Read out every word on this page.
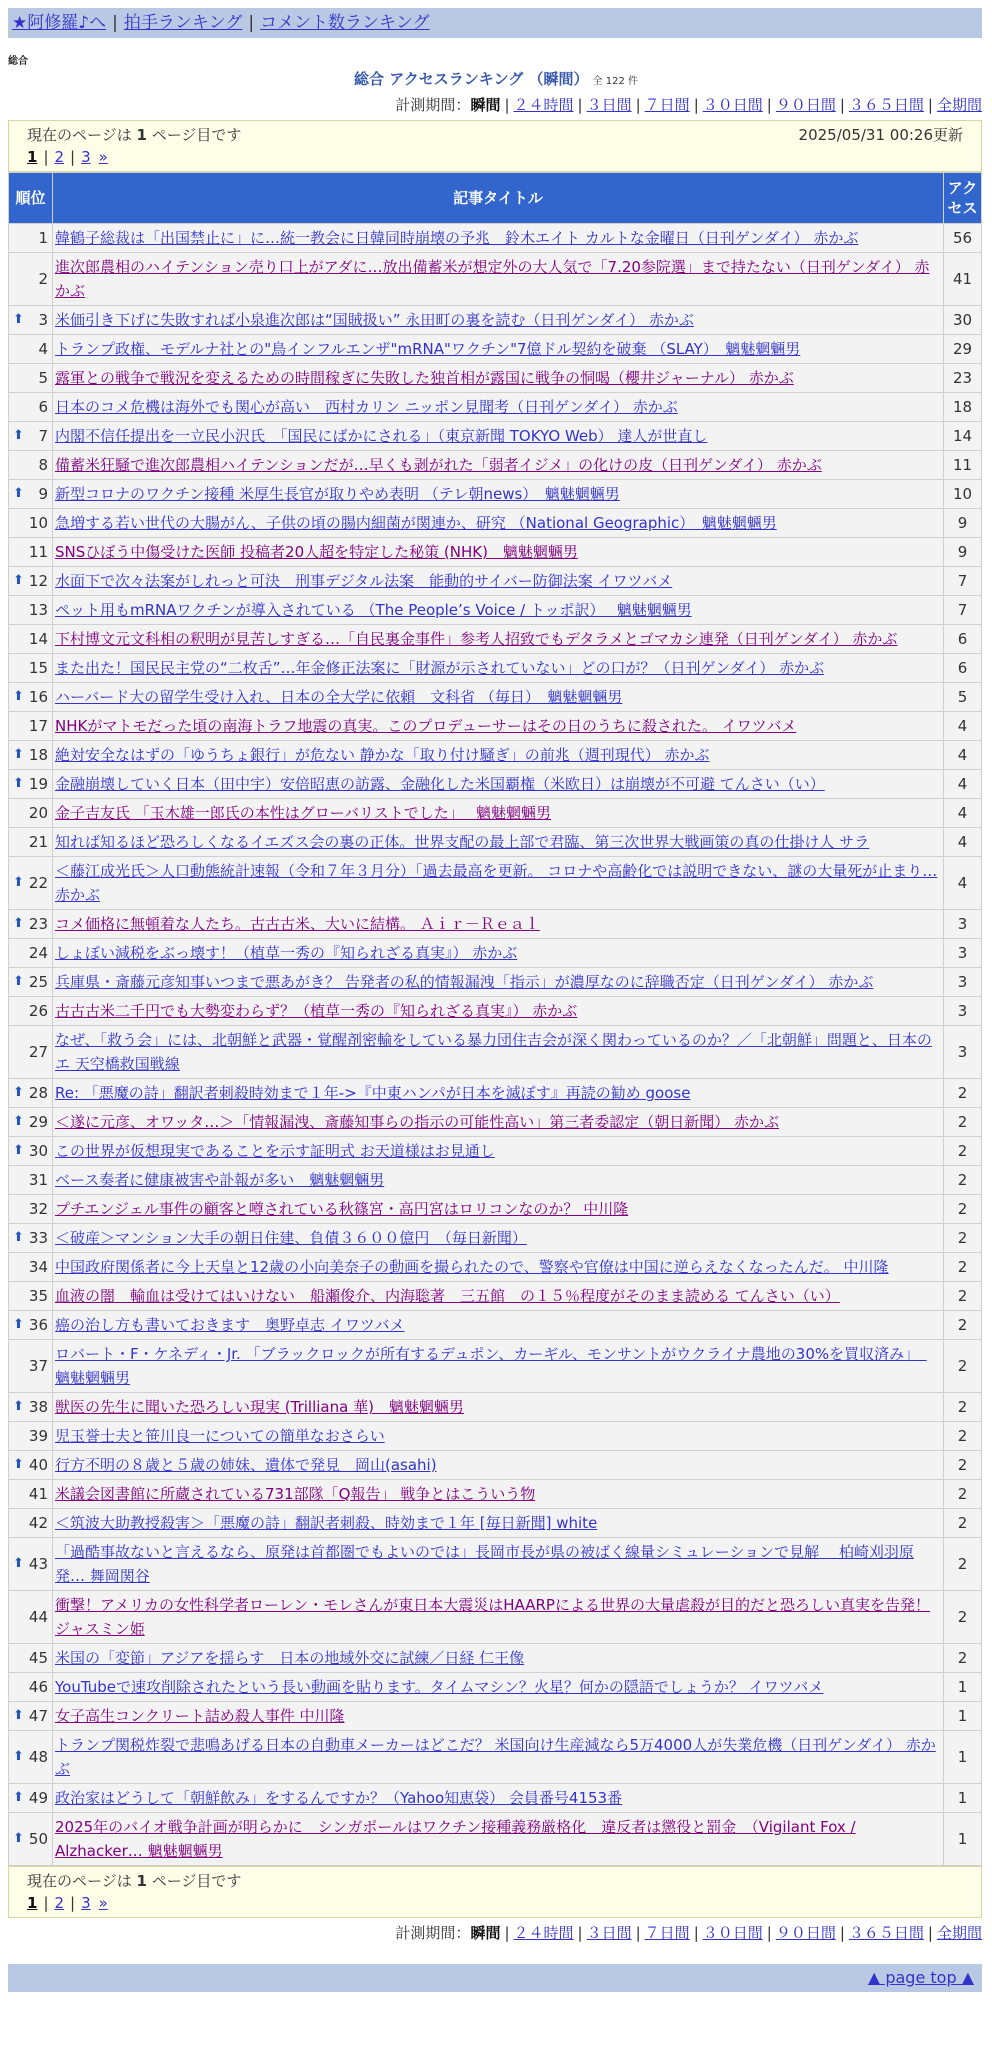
★阿修羅♪へ | 拍手ランキング | コメント数ランキング
総合
総合 アクセスランキング （瞬間） 全 122 件
計測期間：瞬間 | ２４時間 | ３日間 | ７日間 | ３０日間 | ９０日間 | ３６５日間 | 全期間
現在のページは 1 ページ目です	2025/05/31 00:26更新
1 | 2 | 3 »
順位	記事タイトル	アクセス
1	韓鶴子総裁は「出国禁止に」に…統一教会に日韓同時崩壊の予兆　鈴木エイト カルトな金曜日（日刊ゲンダイ） 赤かぶ	56
2	進次郎農相のハイテンション売り口上がアダに…放出備蓄米が想定外の大人気で「7.20参院選」まで持たない（日刊ゲンダイ） 赤かぶ	41

⬆ 3	米価引き下げに失敗すれば小泉進次郎は“国賊扱い” 永田町の裏を読む（日刊ゲンダイ） 赤かぶ	30
4	トランプ政権、モデルナ社との"鳥インフルエンザ"mRNA"ワクチン"7億ドル契約を破棄 （SLAY）　魑魅魍魎男	29
5	露軍との戦争で戦況を変えるための時間稼ぎに失敗した独首相が露国に戦争の恫喝（櫻井ジャーナル） 赤かぶ	23
6	日本のコメ危機は海外でも関心が高い　西村カリン ニッポン見聞考（日刊ゲンダイ） 赤かぶ	18

⬆ 7	内閣不信任提出を一立民小沢氏　「国民にばかにされる」（東京新聞 TOKYO Web） 達人が世直し	14
8	備蓄米狂騒で進次郎農相ハイテンションだが…早くも剥がれた「弱者イジメ」の化けの皮（日刊ゲンダイ） 赤かぶ	11

⬆ 9	新型コロナのワクチン接種 米厚生長官が取りやめ表明 （テレ朝news）　魑魅魍魎男	10
10	急増する若い世代の大腸がん、子供の頃の腸内細菌が関連か、研究 （National Geographic）　魑魅魍魎男	9
11	SNSひぼう中傷受けた医師 投稿者20人超を特定した秘策 (NHK)　魑魅魍魎男	9

⬆ 12	水面下で次々法案がしれっと可決　刑事デジタル法案　能動的サイバー防御法案 イワツバメ	7
13	ペット用もmRNAワクチンが導入されている （The People’s Voice / トッポ訳）　 魑魅魍魎男	7
14	下村博文元文科相の釈明が見苦しすぎる…「自民裏金事件」参考人招致でもデタラメとゴマカシ連発（日刊ゲンダイ） 赤かぶ	6
15	また出た！国民民主党の“二枚舌”…年金修正法案に「財源が示されていない」どの口が？（日刊ゲンダイ） 赤かぶ	6

⬆ 16	ハーバード大の留学生受け入れ、日本の全大学に依頼　文科省 （毎日）　魑魅魍魎男	5
17	NHKがマトモだった頃の南海トラフ地震の真実。このプロデューサーはその日のうちに殺された。 イワツバメ	4

⬆ 18	絶対安全なはずの「ゆうちょ銀行」が危ない 静かな「取り付け騒ぎ」の前兆（週刊現代） 赤かぶ	4

⬆ 19	金融崩壊していく日本（田中宇）安倍昭恵の訪露、金融化した米国覇権（米欧日）は崩壊が不可避 てんさい（い）	4
20	金子吉友氏 「玉木雄一郎氏の本性はグローバリストでした」　 魑魅魍魎男	4
21	知れば知るほど恐ろしくなるイエズス会の裏の正体。世界支配の最上部で君臨、第三次世界大戦画策の真の仕掛け人 サラ	4

⬆ 22	＜藤江成光氏＞人口動態統計速報（令和７年３月分）「過去最高を更新。 コロナや高齢化では説明できない、謎の大量死が止まり… 赤かぶ	4

⬆ 23	コメ価格に無頓着な人たち。古古古米、大いに結構。 Ａｉｒ－Ｒｅａｌ	3
24	しょぼい減税をぶっ壊す！（植草一秀の『知られざる真実』） 赤かぶ	3

⬆ 25	兵庫県・斎藤元彦知事いつまで悪あがき？ 告発者の私的情報漏洩「指示」が濃厚なのに辞職否定（日刊ゲンダイ） 赤かぶ	3
26	古古古米二千円でも大勢変わらず？（植草一秀の『知られざる真実』） 赤かぶ	3
27	なぜ、「救う会」には、北朝鮮と武器・覚醒剤密輸をしている暴力団住吉会が深く関わっているのか？／「北朝鮮」問題と、日本のエ 天空橋救国戦線	3

⬆ 28	Re: 「悪魔の詩」翻訳者刺殺時効まで１年->『中東ハンパが日本を滅ぼす』再読の勧め goose	2

⬆ 29	＜遂に元彦、オワッタ…＞「情報漏洩、斎藤知事らの指示の可能性高い」第三者委認定（朝日新聞） 赤かぶ	2

⬆ 30	この世界が仮想現実であることを示す証明式 お天道様はお見通し	2
31	ベース奏者に健康被害や訃報が多い　魑魅魍魎男	2
32	プチエンジェル事件の顧客と噂されている秋篠宮・高円宮はロリコンなのか？ 中川隆	2

⬆ 33	＜破産＞マンション大手の朝日住建、負債３６００億円　（毎日新聞）	2
34	中国政府関係者に今上天皇と12歳の小向美奈子の動画を撮られたので、警察や官僚は中国に逆らえなくなったんだ。 中川隆	2
35	血液の闇　輸血は受けてはいけない　船瀬俊介、内海聡著　三五館　の１５％程度がそのまま読める てんさい（い）	2

⬆ 36	癌の治し方も書いておきます　奥野卓志 イワツバメ	2
37	ロバート・F・ケネディ・Jr. 「ブラックロックが所有するデュポン、カーギル、モンサントがウクライナ農地の30%を買収済み」　魑魅魍魎男	2

⬆ 38	獣医の先生に聞いた恐ろしい現実 (Trilliana 華)　魑魅魍魎男	2
39	児玉誉士夫と笹川良一についての簡単なおさらい	2

⬆ 40	行方不明の８歳と５歳の姉妹、遺体で発見　岡山(asahi)	2
41	米議会図書館に所蔵されている731部隊「Q報告」 戦争とはこういう物	2
42	＜筑波大助教授殺害＞「悪魔の詩」翻訳者刺殺、時効まで１年 [毎日新聞] white	2

⬆ 43	「過酷事故ないと言えるなら、原発は首都圏でもよいのでは」長岡市長が県の被ばく線量シミュレーションで見解　 柏崎刈羽原発… 舞岡関谷	2
44	衝撃！アメリカの女性科学者ローレン・モレさんが東日本大震災はHAARPによる世界の大量虐殺が目的だと恐ろしい真実を告発！ ジャスミン姫	2
45	米国の「変節」アジアを揺らす　日本の地域外交に試練／日経 仁王像	2
46	YouTubeで速攻削除されたという長い動画を貼ります。タイムマシン？火星？何かの隠語でしょうか？ イワツバメ	1

⬆ 47	女子高生コンクリート詰め殺人事件 中川隆	1

⬆ 48	トランプ関税炸裂で悲鳴あげる日本の自動車メーカーはどこだ？ 米国向け生産減なら5万4000人が失業危機（日刊ゲンダイ） 赤かぶ	1

⬆ 49	政治家はどうして「朝鮮飲み」をするんですか？（Yahoo知恵袋） 会員番号4153番	1

⬆ 50	2025年のバイオ戦争計画が明らかに　シンガポールはワクチン接種義務厳格化　違反者は懲役と罰金　（Vigilant Fox / Alzhacker… 魑魅魍魎男	1
現在のページは 1 ページ目です
1 | 2 | 3 »
計測期間：瞬間 | ２４時間 | ３日間 | ７日間 | ３０日間 | ９０日間 | ３６５日間 | 全期間
▲ page top ▲
